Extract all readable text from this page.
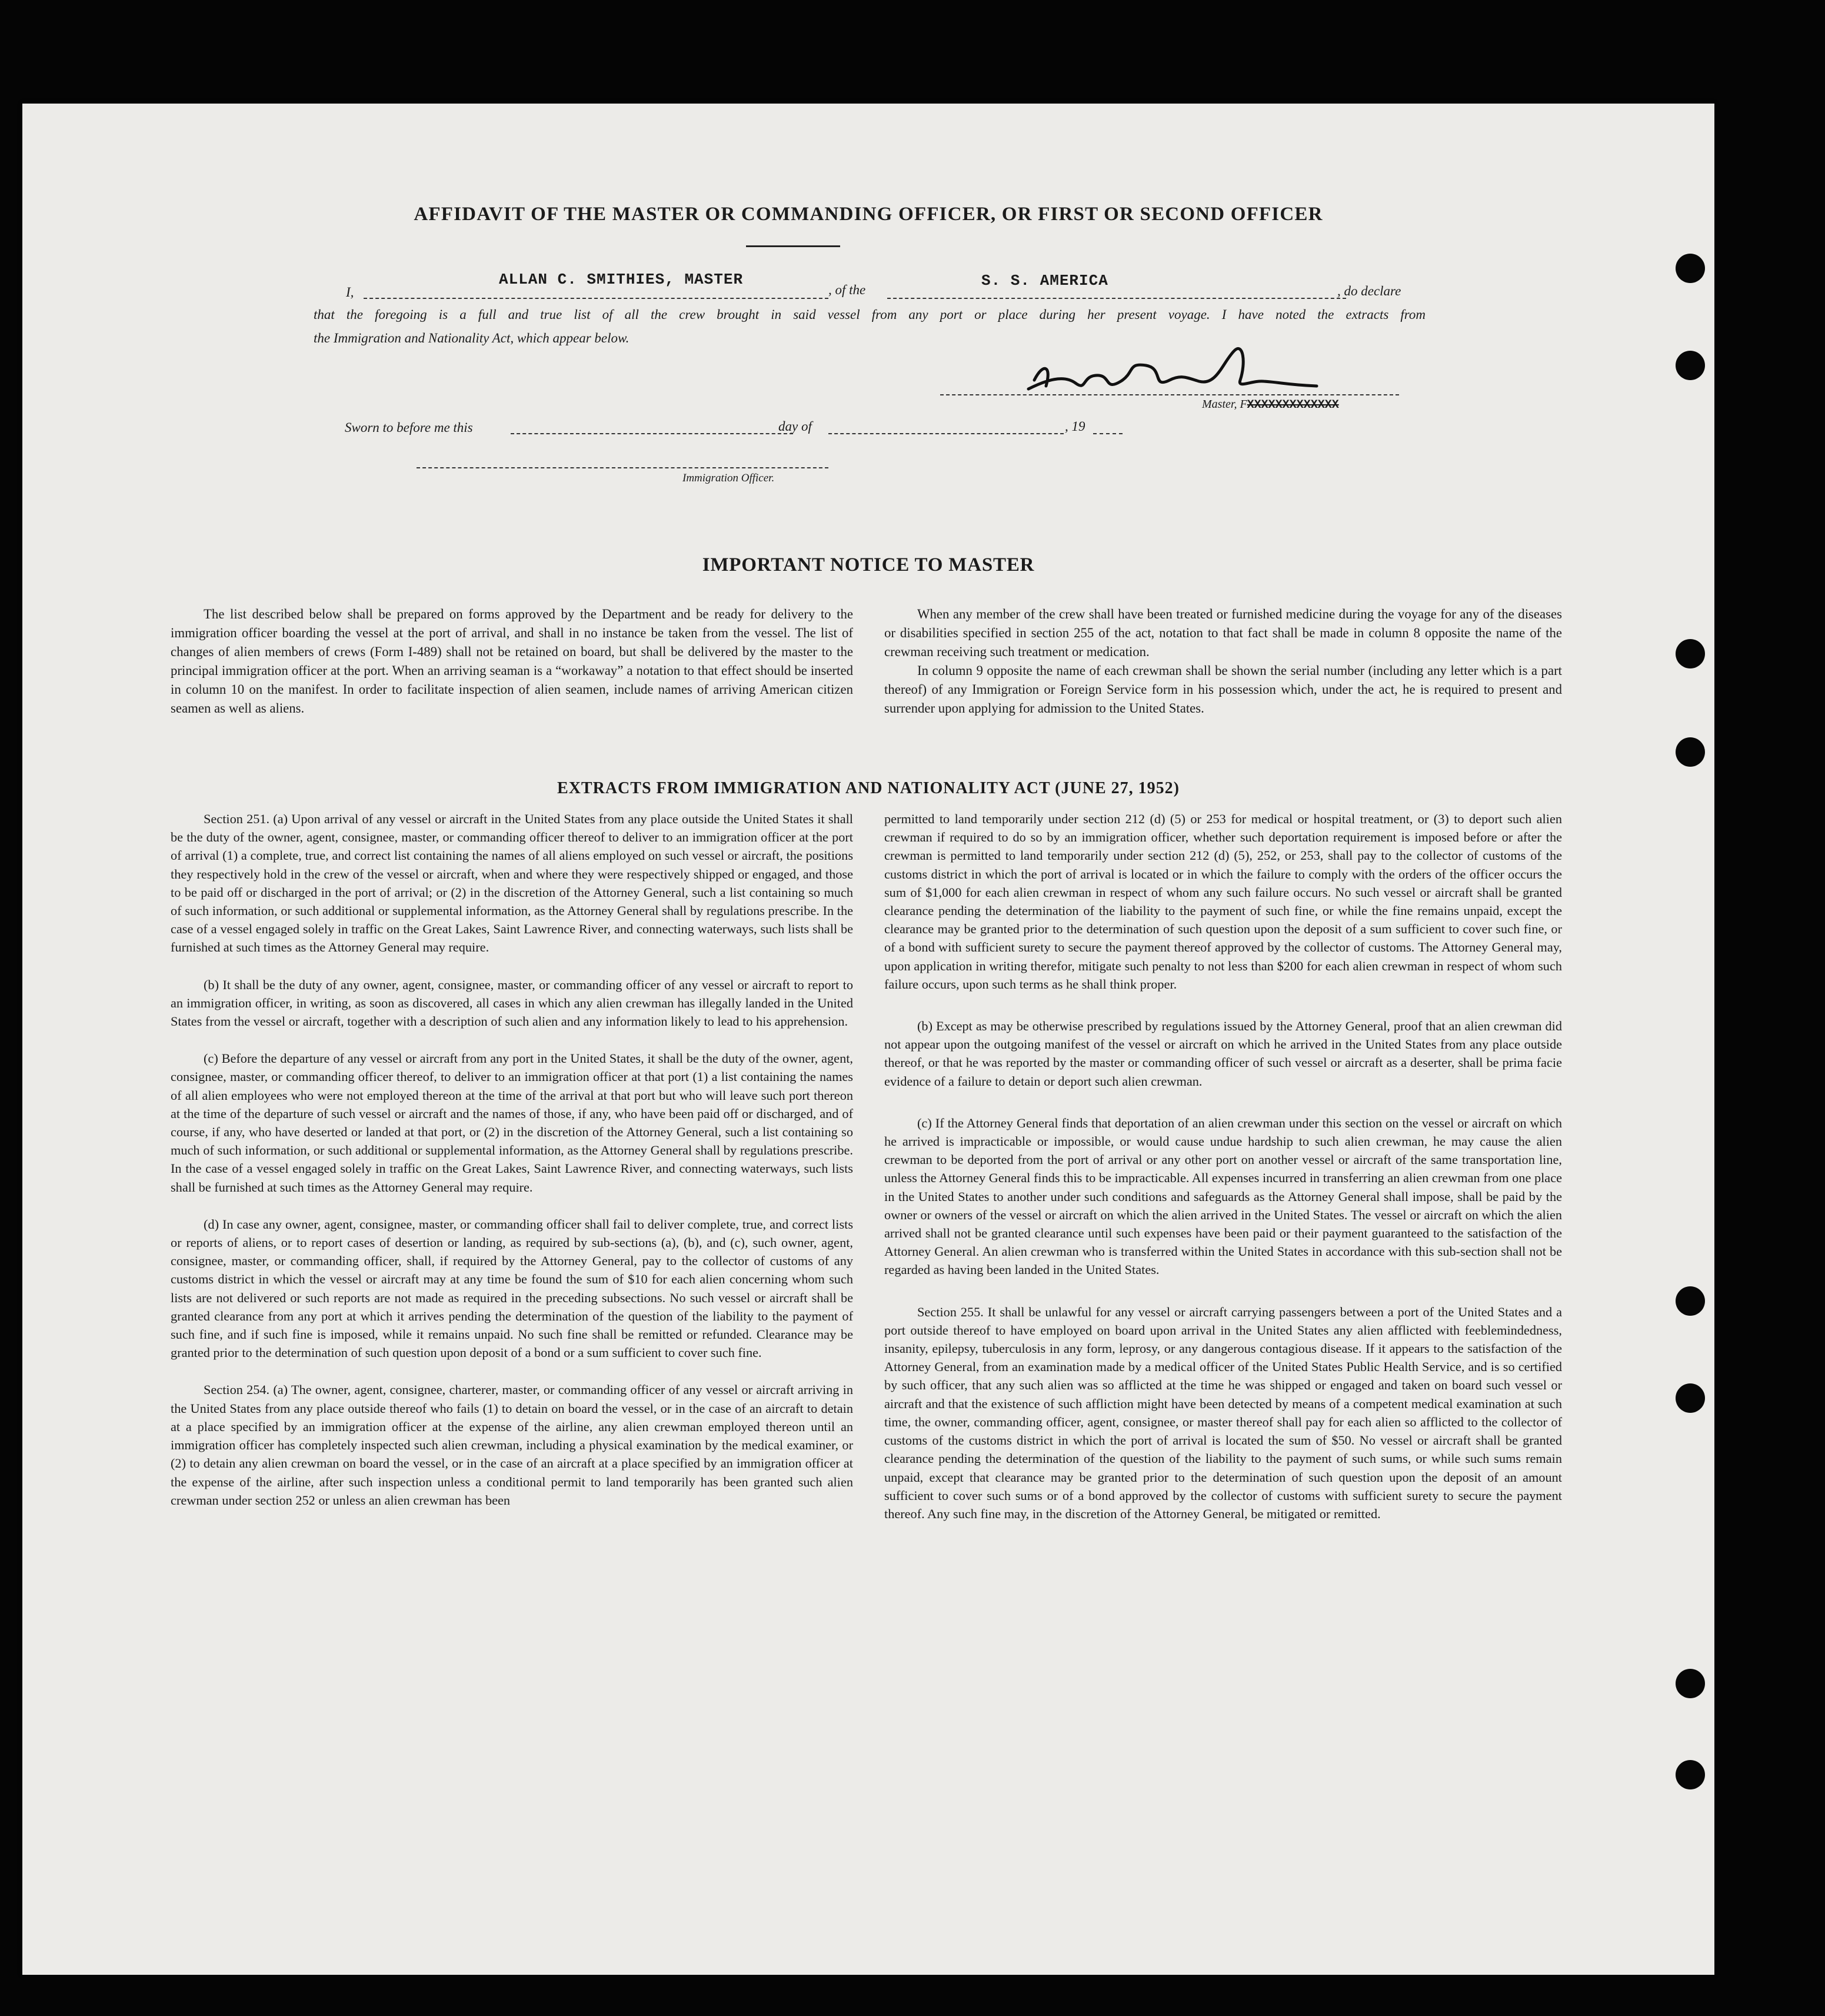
AFFIDAVIT OF THE MASTER OR COMMANDING OFFICER, OR FIRST OR SECOND OFFICER
I,
ALLAN C. SMITHIES, MASTER
, of the
S. S. AMERICA
, do declare
that the foregoing is a full and true list of all the crew brought in said vessel from any port or place during her present voyage. I have noted the extracts from
the Immigration and Nationality Act, which appear below.
Master, FXXXXXXXXXXXXX
Sworn to before me this	day of	, 19
Immigration Officer.
IMPORTANT NOTICE TO MASTER

The list described below shall be prepared on forms approved by the Department and be ready for delivery to the immigration officer boarding the vessel at the port of arrival, and shall in no instance be taken from the vessel. The list of changes of alien members of crews (Form I-489) shall not be retained on board, but shall be delivered by the master to the principal immigration officer at the port. When an arriving seaman is a “workaway” a notation to that effect should be inserted in column 10 on the manifest. In order to facilitate inspection of alien seamen, include names of arriving American citizen seamen as well as aliens.

When any member of the crew shall have been treated or furnished medicine during the voyage for any of the diseases or disabilities specified in section 255 of the act, notation to that fact shall be made in column 8 opposite the name of the crewman receiving such treatment or medication.

In column 9 opposite the name of each crewman shall be shown the serial number (including any letter which is a part thereof) of any Immigration or Foreign Service form in his possession which, under the act, he is required to present and surrender upon applying for admission to the United States.

EXTRACTS FROM IMMIGRATION AND NATIONALITY ACT (JUNE 27, 1952)

Section 251. (a) Upon arrival of any vessel or aircraft in the United States from any place outside the United States it shall be the duty of the owner, agent, consignee, master, or commanding officer thereof to deliver to an immigration officer at the port of arrival (1) a complete, true, and correct list containing the names of all aliens employed on such vessel or aircraft, the positions they respectively hold in the crew of the vessel or aircraft, when and where they were respectively shipped or engaged, and those to be paid off or discharged in the port of arrival; or (2) in the discretion of the Attorney General, such a list containing so much of such information, or such additional or supplemental information, as the Attorney General shall by regulations prescribe. In the case of a vessel engaged solely in traffic on the Great Lakes, Saint Lawrence River, and connecting waterways, such lists shall be furnished at such times as the Attorney General may require.

(b) It shall be the duty of any owner, agent, consignee, master, or commanding officer of any vessel or aircraft to report to an immigration officer, in writing, as soon as discovered, all cases in which any alien crewman has illegally landed in the United States from the vessel or aircraft, together with a description of such alien and any information likely to lead to his apprehension.

(c) Before the departure of any vessel or aircraft from any port in the United States, it shall be the duty of the owner, agent, consignee, master, or commanding officer thereof, to deliver to an immigration officer at that port (1) a list containing the names of all alien employees who were not employed thereon at the time of the arrival at that port but who will leave such port thereon at the time of the departure of such vessel or aircraft and the names of those, if any, who have been paid off or discharged, and of course, if any, who have deserted or landed at that port, or (2) in the discretion of the Attorney General, such a list containing so much of such information, or such additional or supplemental information, as the Attorney General shall by regulations prescribe. In the case of a vessel engaged solely in traffic on the Great Lakes, Saint Lawrence River, and connecting waterways, such lists shall be furnished at such times as the Attorney General may require.

(d) In case any owner, agent, consignee, master, or commanding officer shall fail to deliver complete, true, and correct lists or reports of aliens, or to report cases of desertion or landing, as required by sub-sections (a), (b), and (c), such owner, agent, consignee, master, or commanding officer, shall, if required by the Attorney General, pay to the collector of customs of any customs district in which the vessel or aircraft may at any time be found the sum of $10 for each alien concerning whom such lists are not delivered or such reports are not made as required in the preceding subsections. No such vessel or aircraft shall be granted clearance from any port at which it arrives pending the determination of the question of the liability to the payment of such fine, and if such fine is imposed, while it remains unpaid. No such fine shall be remitted or refunded. Clearance may be granted prior to the determination of such question upon deposit of a bond or a sum sufficient to cover such fine.

Section 254. (a) The owner, agent, consignee, charterer, master, or commanding officer of any vessel or aircraft arriving in the United States from any place outside thereof who fails (1) to detain on board the vessel, or in the case of an aircraft to detain at a place specified by an immigration officer at the expense of the airline, any alien crewman employed thereon until an immigration officer has completely inspected such alien crewman, including a physical examination by the medical examiner, or (2) to detain any alien crewman on board the vessel, or in the case of an aircraft at a place specified by an immigration officer at the expense of the airline, after such inspection unless a conditional permit to land temporarily has been granted such alien crewman under section 252 or unless an alien crewman has been

permitted to land temporarily under section 212 (d) (5) or 253 for medical or hospital treatment, or (3) to deport such alien crewman if required to do so by an immigration officer, whether such deportation requirement is imposed before or after the crewman is permitted to land temporarily under section 212 (d) (5), 252, or 253, shall pay to the collector of customs of the customs district in which the port of arrival is located or in which the failure to comply with the orders of the officer occurs the sum of $1,000 for each alien crewman in respect of whom any such failure occurs. No such vessel or aircraft shall be granted clearance pending the determination of the liability to the payment of such fine, or while the fine remains unpaid, except the clearance may be granted prior to the determination of such question upon the deposit of a sum sufficient to cover such fine, or of a bond with sufficient surety to secure the payment thereof approved by the collector of customs. The Attorney General may, upon application in writing therefor, mitigate such penalty to not less than $200 for each alien crewman in respect of whom such failure occurs, upon such terms as he shall think proper.

(b) Except as may be otherwise prescribed by regulations issued by the Attorney General, proof that an alien crewman did not appear upon the outgoing manifest of the vessel or aircraft on which he arrived in the United States from any place outside thereof, or that he was reported by the master or commanding officer of such vessel or aircraft as a deserter, shall be prima facie evidence of a failure to detain or deport such alien crewman.

(c) If the Attorney General finds that deportation of an alien crewman under this section on the vessel or aircraft on which he arrived is impracticable or impossible, or would cause undue hardship to such alien crewman, he may cause the alien crewman to be deported from the port of arrival or any other port on another vessel or aircraft of the same transportation line, unless the Attorney General finds this to be impracticable. All expenses incurred in transferring an alien crewman from one place in the United States to another under such conditions and safeguards as the Attorney General shall impose, shall be paid by the owner or owners of the vessel or aircraft on which the alien arrived in the United States. The vessel or aircraft on which the alien arrived shall not be granted clearance until such expenses have been paid or their payment guaranteed to the satisfaction of the Attorney General. An alien crewman who is transferred within the United States in accordance with this sub-section shall not be regarded as having been landed in the United States.

Section 255. It shall be unlawful for any vessel or aircraft carrying passengers between a port of the United States and a port outside thereof to have employed on board upon arrival in the United States any alien afflicted with feeblemindedness, insanity, epilepsy, tuberculosis in any form, leprosy, or any dangerous contagious disease. If it appears to the satisfaction of the Attorney General, from an examination made by a medical officer of the United States Public Health Service, and is so certified by such officer, that any such alien was so afflicted at the time he was shipped or engaged and taken on board such vessel or aircraft and that the existence of such affliction might have been detected by means of a competent medical examination at such time, the owner, commanding officer, agent, consignee, or master thereof shall pay for each alien so afflicted to the collector of customs of the customs district in which the port of arrival is located the sum of $50. No vessel or aircraft shall be granted clearance pending the determination of the question of the liability to the payment of such sums, or while such sums remain unpaid, except that clearance may be granted prior to the determination of such question upon the deposit of an amount sufficient to cover such sums or of a bond approved by the collector of customs with sufficient surety to secure the payment thereof. Any such fine may, in the discretion of the Attorney General, be mitigated or remitted.
